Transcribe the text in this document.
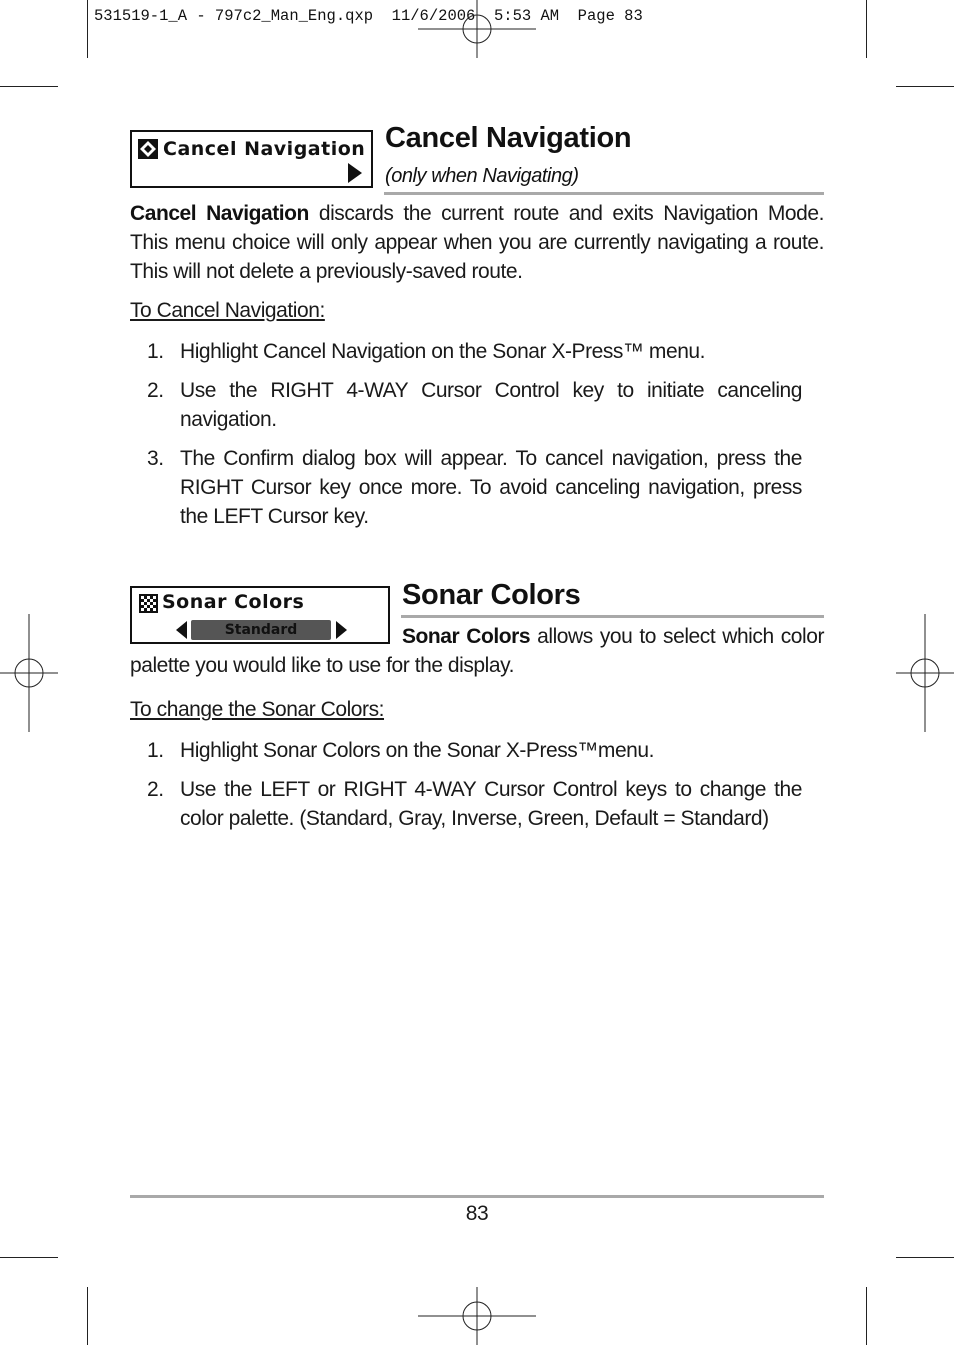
531519-1_A - 797c2_Man_Eng.qxp  11/6/2006  5:53 AM  Page 83
Cancel Navigation Cancel Navigation
(only when Navigating)
Cancel Navigation discards the current route and exits Navigation Mode. This menu choice will only appear when you are currently navigating a route. This will not delete a previously-saved route.
To Cancel Navigation:
1. Highlight Cancel Navigation on the Sonar X-Press™ menu.
2. Use the RIGHT 4-WAY Cursor Control key to initiate canceling navigation.
3. The Confirm dialog box will appear. To cancel navigation, press the RIGHT Cursor key once more. To avoid canceling navigation, press the LEFT Cursor key.
Sonar Colors
Standard
Sonar Colors
Sonar Colors allows you to select which color
palette you would like to use for the display.
To change the Sonar Colors:
1. Highlight Sonar Colors on the Sonar X-Press™menu.
2. Use the LEFT or RIGHT 4-WAY Cursor Control keys to change the color palette. (Standard, Gray, Inverse, Green, Default = Standard)
83
